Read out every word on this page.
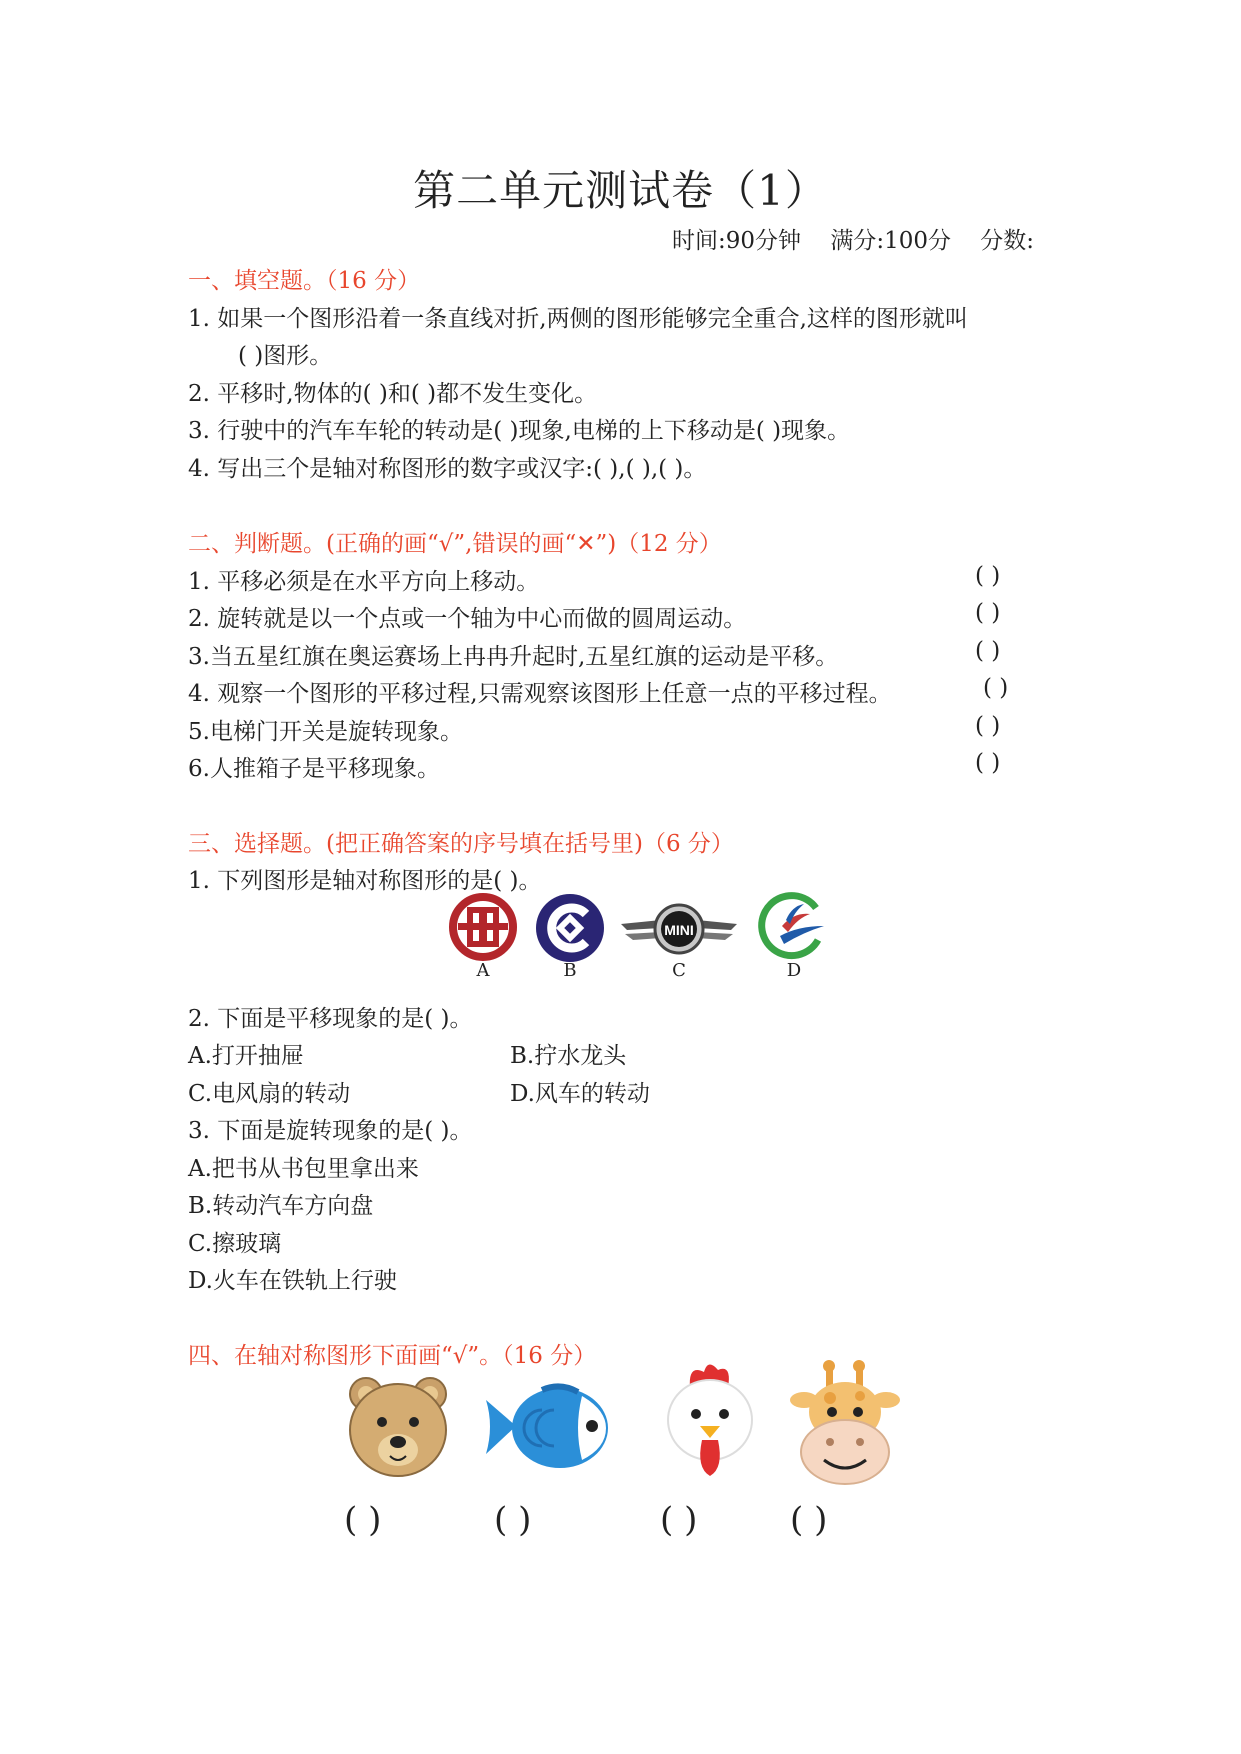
第二单元测试卷（1）
时间:90分钟 满分:100分 分数:
一、填空题。（16 分）
1. 如果一个图形沿着一条直线对折,两侧的图形能够完全重合,这样的图形就叫
( )图形。
2. 平移时,物体的( )和( )都不发生变化。
3. 行驶中的汽车车轮的转动是( )现象,电梯的上下移动是( )现象。
4. 写出三个是轴对称图形的数字或汉字:( ),( ),( )。
二、判断题。(正确的画“√”,错误的画“✕”)（12 分）
1. 平移必须是在水平方向上移动。	( )
2. 旋转就是以一个点或一个轴为中心而做的圆周运动。	( )
3.当五星红旗在奥运赛场上冉冉升起时,五星红旗的运动是平移。	( )
4. 观察一个图形的平移过程,只需观察该图形上任意一点的平移过程。	( )
5.电梯门开关是旋转现象。	( )
6.人推箱子是平移现象。	( )
三、选择题。(把正确答案的序号填在括号里)（6 分）
1. 下列图形是轴对称图形的是( )。
MINI
A	B	C	D
2. 下面是平移现象的是( )。
A.打开抽屉	B.拧水龙头
C.电风扇的转动	D.风车的转动
3. 下面是旋转现象的是( )。
A.把书从书包里拿出来
B.转动汽车方向盘
C.擦玻璃
D.火车在铁轨上行驶
四、在轴对称图形下面画“√”。（16 分）
( )	( )	( )	( )
